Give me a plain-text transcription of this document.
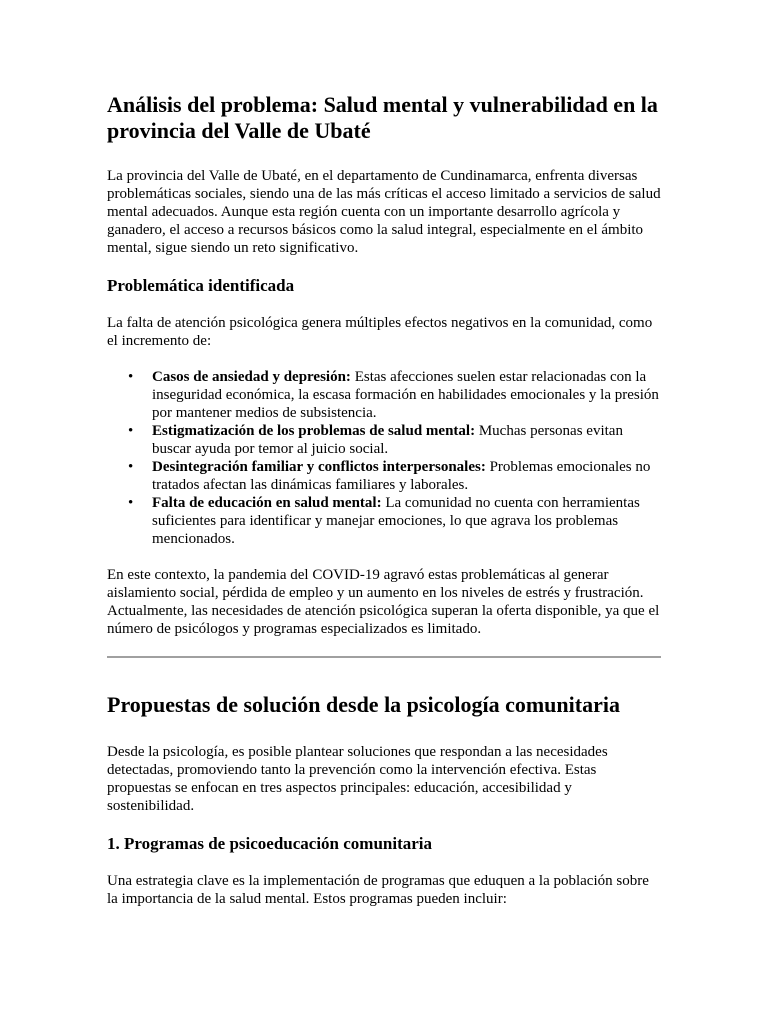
Análisis del problema: Salud mental y vulnerabilidad en la provincia del Valle de Ubaté

La provincia del Valle de Ubaté, en el departamento de Cundinamarca, enfrenta diversas problemáticas sociales, siendo una de las más críticas el acceso limitado a servicios de salud mental adecuados. Aunque esta región cuenta con un importante desarrollo agrícola y ganadero, el acceso a recursos básicos como la salud integral, especialmente en el ámbito mental, sigue siendo un reto significativo.

Problemática identificada

La falta de atención psicológica genera múltiples efectos negativos en la comunidad, como el incremento de:

• Casos de ansiedad y depresión: Estas afecciones suelen estar relacionadas con la inseguridad económica, la escasa formación en habilidades emocionales y la presión por mantener medios de subsistencia.
• Estigmatización de los problemas de salud mental: Muchas personas evitan buscar ayuda por temor al juicio social.
• Desintegración familiar y conflictos interpersonales: Problemas emocionales no tratados afectan las dinámicas familiares y laborales.
• Falta de educación en salud mental: La comunidad no cuenta con herramientas suficientes para identificar y manejar emociones, lo que agrava los problemas mencionados.

En este contexto, la pandemia del COVID-19 agravó estas problemáticas al generar aislamiento social, pérdida de empleo y un aumento en los niveles de estrés y frustración. Actualmente, las necesidades de atención psicológica superan la oferta disponible, ya que el número de psicólogos y programas especializados es limitado.

Propuestas de solución desde la psicología comunitaria

Desde la psicología, es posible plantear soluciones que respondan a las necesidades detectadas, promoviendo tanto la prevención como la intervención efectiva. Estas propuestas se enfocan en tres aspectos principales: educación, accesibilidad y sostenibilidad.

1. Programas de psicoeducación comunitaria

Una estrategia clave es la implementación de programas que eduquen a la población sobre la importancia de la salud mental. Estos programas pueden incluir:
